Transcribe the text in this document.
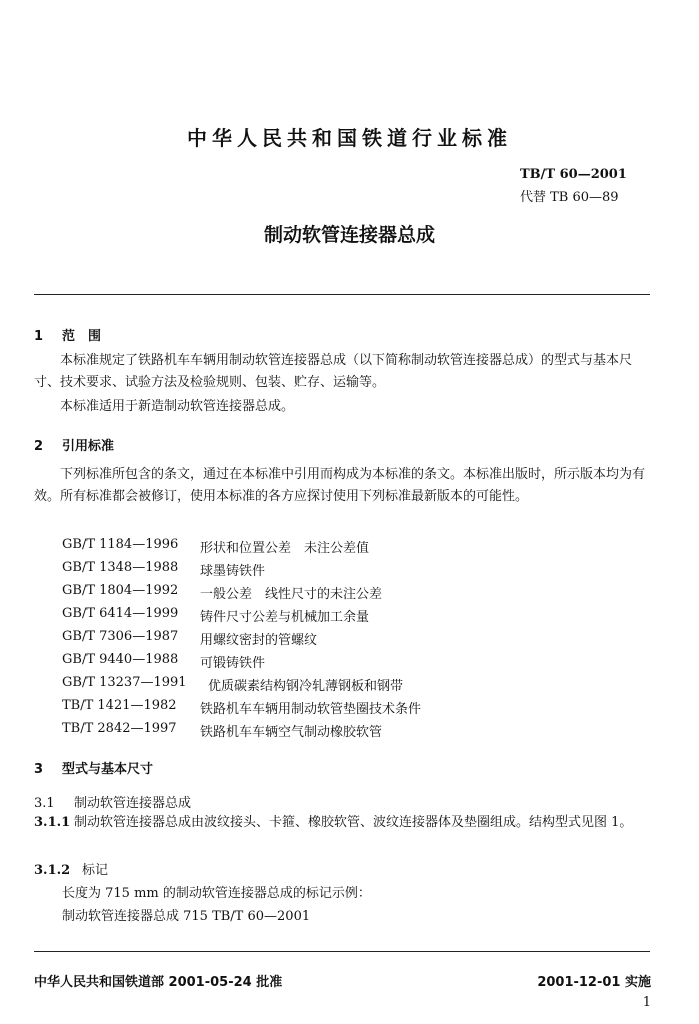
中华人民共和国铁道行业标准
TB/T 60—2001
代替 TB 60—89
制动软管连接器总成
1 范　围
本标准规定了铁路机车车辆用制动软管连接器总成（以下简称制动软管连接器总成）的型式与基本尺寸、技术要求、试验方法及检验规则、包装、贮存、运输等。
本标准适用于新造制动软管连接器总成。
2 引用标准
下列标准所包含的条文，通过在本标准中引用而构成为本标准的条文。本标准出版时，所示版本均为有效。所有标准都会被修订，使用本标准的各方应探讨使用下列标准最新版本的可能性。
GB/T 1184—1996 形状和位置公差　未注公差值
GB/T 1348—1988 球墨铸铁件
GB/T 1804—1992 一般公差　线性尺寸的未注公差
GB/T 6414—1999 铸件尺寸公差与机械加工余量
GB/T 7306—1987 用螺纹密封的管螺纹
GB/T 9440—1988 可锻铸铁件
GB/T 13237—1991 优质碳素结构钢冷轧薄钢板和钢带
TB/T 1421—1982 铁路机车车辆用制动软管垫圈技术条件
TB/T 2842—1997 铁路机车车辆空气制动橡胶软管
3 型式与基本尺寸
3.1 制动软管连接器总成
3.1.1 制动软管连接器总成由波纹接头、卡箍、橡胶软管、波纹连接器体及垫圈组成。结构型式见图 1。
3.1.2 标记
长度为 715 mm 的制动软管连接器总成的标记示例：
制动软管连接器总成 715 TB/T 60—2001
中华人民共和国铁道部 2001-05-24 批准	2001-12-01 实施
1
